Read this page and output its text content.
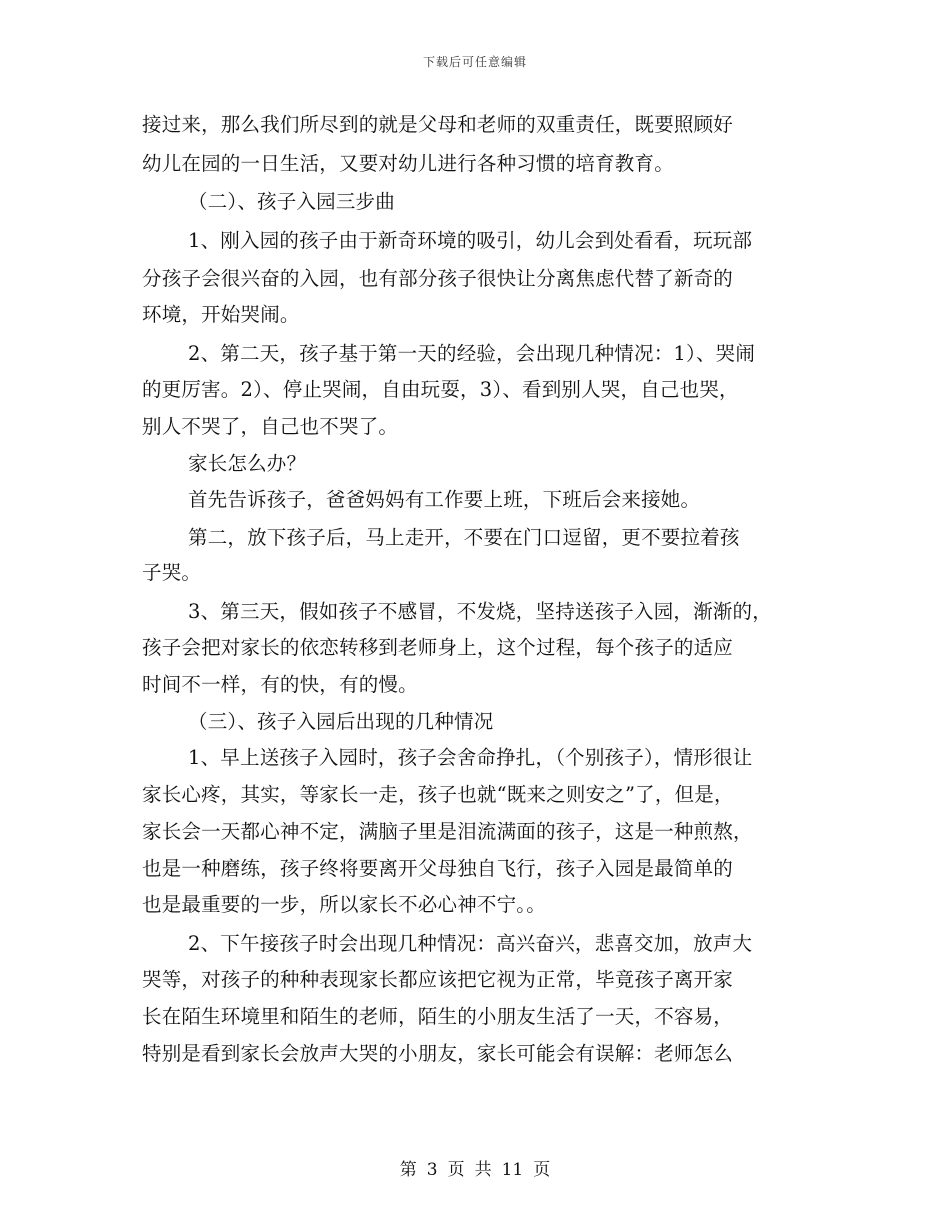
下载后可任意编辑
接过来，那么我们所尽到的就是父母和老师的双重责任，既要照顾好
幼儿在园的一日生活，又要对幼儿进行各种习惯的培育教育。
（二）、孩子入园三步曲
1、刚入园的孩子由于新奇环境的吸引，幼儿会到处看看，玩玩部
分孩子会很兴奋的入园，也有部分孩子很快让分离焦虑代替了新奇的
环境，开始哭闹。
2、第二天，孩子基于第一天的经验，会出现几种情况：1）、哭闹
的更厉害。2）、停止哭闹，自由玩耍，3）、看到别人哭，自己也哭，
别人不哭了，自己也不哭了。
家长怎么办？
首先告诉孩子，爸爸妈妈有工作要上班，下班后会来接她。
第二，放下孩子后，马上走开，不要在门口逗留，更不要拉着孩
子哭。
3、第三天，假如孩子不感冒，不发烧，坚持送孩子入园，渐渐的，
孩子会把对家长的依恋转移到老师身上，这个过程，每个孩子的适应
时间不一样，有的快，有的慢。
（三）、孩子入园后出现的几种情况
1、早上送孩子入园时，孩子会舍命挣扎，（个别孩子），情形很让
家长心疼，其实，等家长一走，孩子也就“既来之则安之”了，但是，
家长会一天都心神不定，满脑子里是泪流满面的孩子，这是一种煎熬，
也是一种磨练，孩子终将要离开父母独自飞行，孩子入园是最简单的
也是最重要的一步，所以家长不必心神不宁。。
2、下午接孩子时会出现几种情况：高兴奋兴，悲喜交加，放声大
哭等，对孩子的种种表现家长都应该把它视为正常，毕竟孩子离开家
长在陌生环境里和陌生的老师，陌生的小朋友生活了一天，不容易，
特别是看到家长会放声大哭的小朋友，家长可能会有误解：老师怎么
第 3 页 共 11 页
